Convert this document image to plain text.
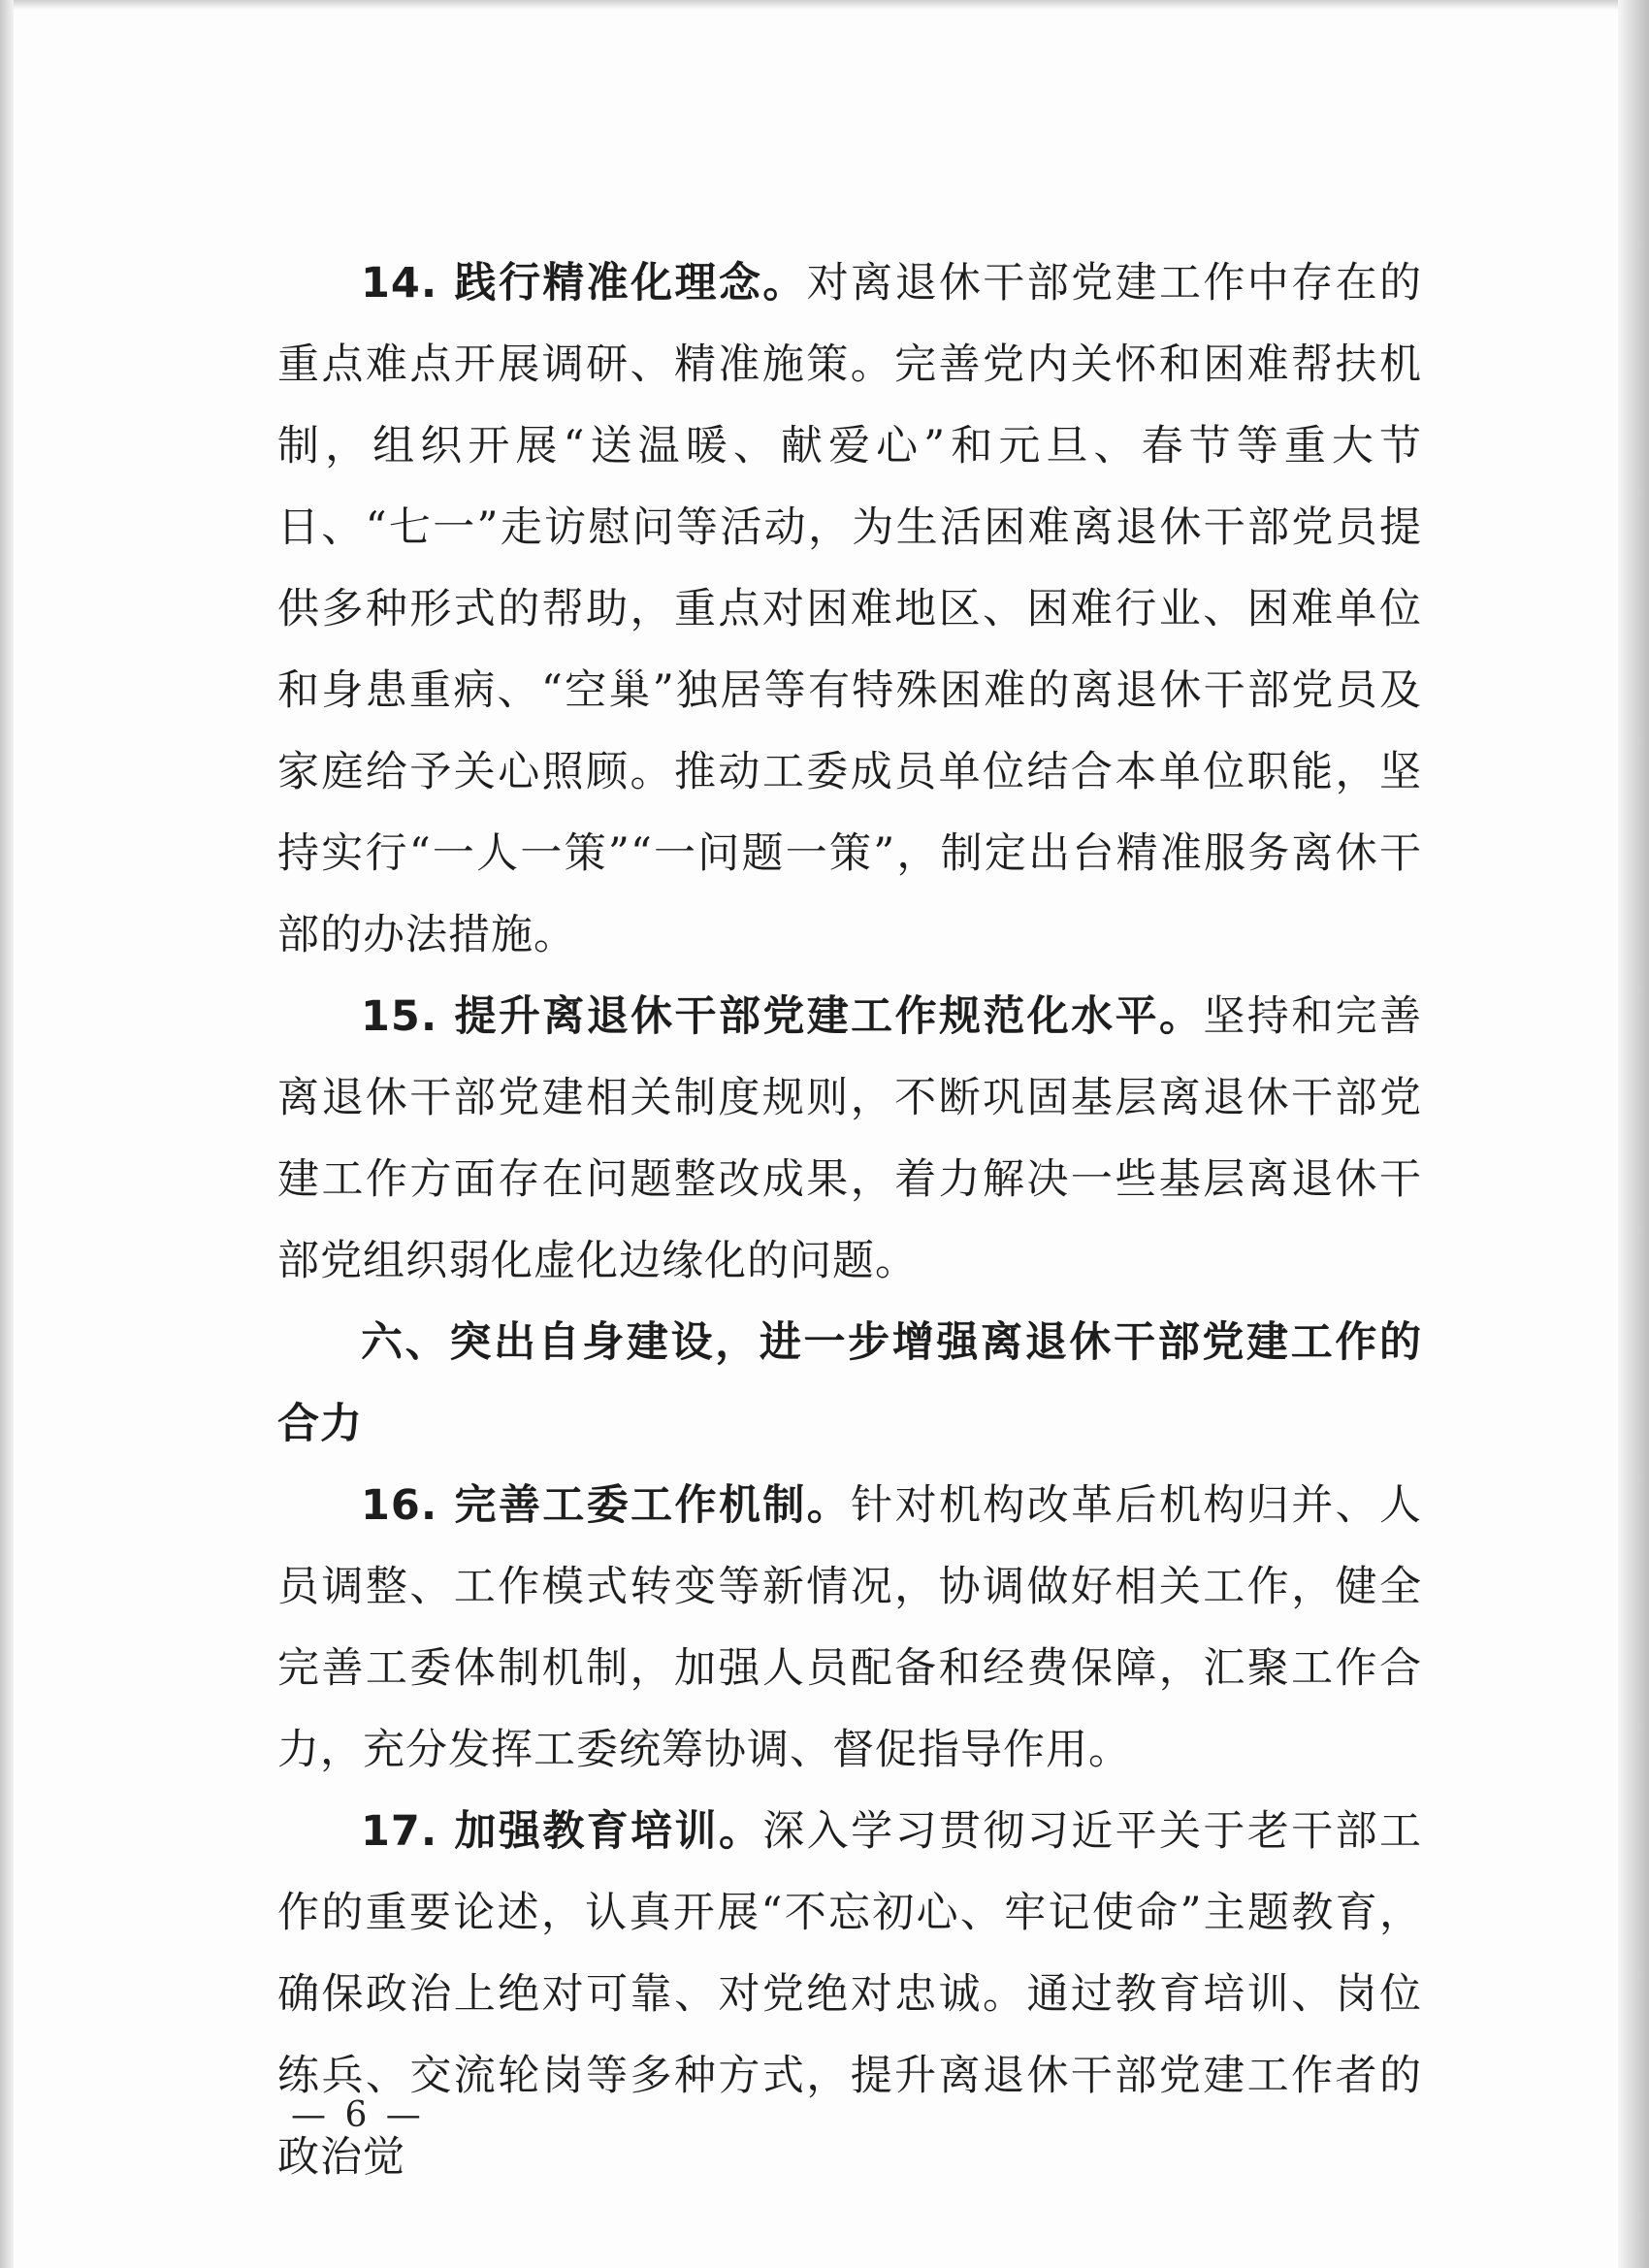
14. 践行精准化理念。对离退休干部党建工作中存在的重点难点开展调研、精准施策。完善党内关怀和困难帮扶机制，组织开展“送温暖、献爱心”和元旦、春节等重大节日、“七一”走访慰问等活动，为生活困难离退休干部党员提供多种形式的帮助，重点对困难地区、困难行业、困难单位和身患重病、“空巢”独居等有特殊困难的离退休干部党员及家庭给予关心照顾。推动工委成员单位结合本单位职能，坚持实行“一人一策”“一问题一策”，制定出台精准服务离休干部的办法措施。

15. 提升离退休干部党建工作规范化水平。坚持和完善离退休干部党建相关制度规则，不断巩固基层离退休干部党建工作方面存在问题整改成果，着力解决一些基层离退休干部党组织弱化虚化边缘化的问题。

六、突出自身建设，进一步增强离退休干部党建工作的合力

16. 完善工委工作机制。针对机构改革后机构归并、人员调整、工作模式转变等新情况，协调做好相关工作，健全完善工委体制机制，加强人员配备和经费保障，汇聚工作合力，充分发挥工委统筹协调、督促指导作用。

17. 加强教育培训。深入学习贯彻习近平关于老干部工作的重要论述，认真开展“不忘初心、牢记使命”主题教育，确保政治上绝对可靠、对党绝对忠诚。通过教育培训、岗位练兵、交流轮岗等多种方式，提升离退休干部党建工作者的政治觉

— 6 —
